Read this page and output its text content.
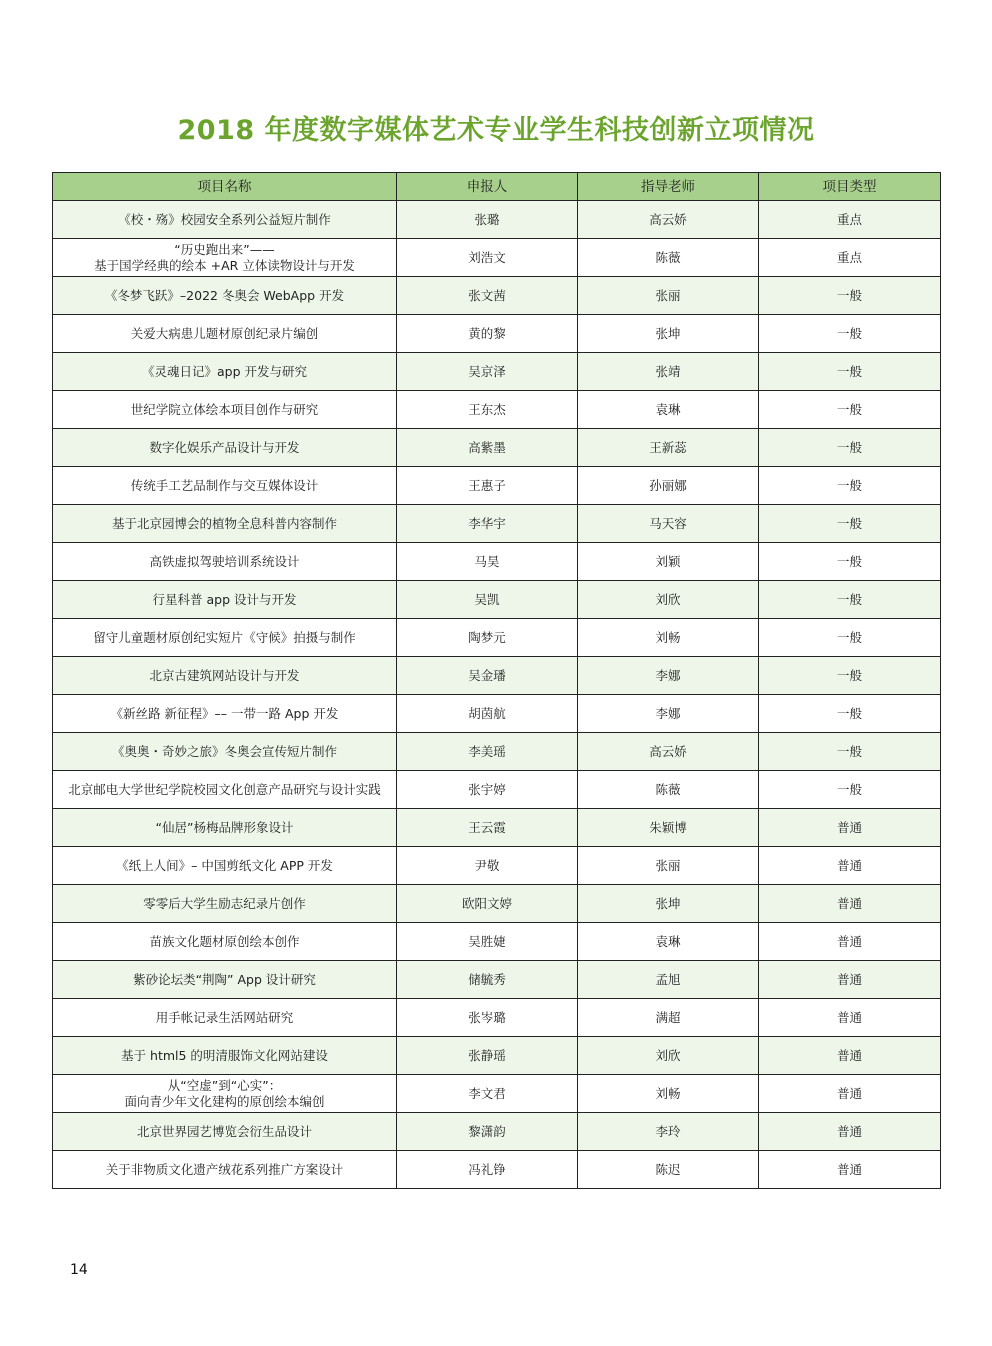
2018 年度数字媒体艺术专业学生科技创新立项情况
项目名称	申报人	指导老师	项目类型
《校・殇》校园安全系列公益短片制作	张璐	高云娇	重点
“历史跑出来”——
基于国学经典的绘本 +AR 立体读物设计与开发	刘浩文	陈薇	重点
《冬梦飞跃》–2022 冬奥会 WebApp 开发	张文茜	张丽	一般
关爱大病患儿题材原创纪录片编创	黄的黎	张坤	一般
《灵魂日记》app 开发与研究	吴京泽	张靖	一般
世纪学院立体绘本项目创作与研究	王东杰	袁琳	一般
数字化娱乐产品设计与开发	高紫墨	王新蕊	一般
传统手工艺品制作与交互媒体设计	王惠子	孙丽娜	一般
基于北京园博会的植物全息科普内容制作	李华宇	马天容	一般
高铁虚拟驾驶培训系统设计	马昊	刘颖	一般
行星科普 app 设计与开发	吴凯	刘欣	一般
留守儿童题材原创纪实短片《守候》拍摄与制作	陶梦元	刘畅	一般
北京古建筑网站设计与开发	吴金璠	李娜	一般
《新丝路 新征程》–– 一带一路 App 开发	胡茵航	李娜	一般
《奥奥・奇妙之旅》冬奥会宣传短片制作	李美瑶	高云娇	一般
北京邮电大学世纪学院校园文化创意产品研究与设计实践	张宇婷	陈薇	一般
“仙居”杨梅品牌形象设计	王云霞	朱颖博	普通
《纸上人间》– 中国剪纸文化 APP 开发	尹敬	张丽	普通
零零后大学生励志纪录片创作	欧阳文婷	张坤	普通
苗族文化题材原创绘本创作	吴胜婕	袁琳	普通
紫砂论坛类“荆陶” App 设计研究	储毓秀	孟旭	普通
用手帐记录生活网站研究	张岑璐	满超	普通
基于 html5 的明清服饰文化网站建设	张静瑶	刘欣	普通
从“空虚”到“心实”：
面向青少年文化建构的原创绘本编创	李文君	刘畅	普通
北京世界园艺博览会衍生品设计	黎潇韵	李玲	普通
关于非物质文化遗产绒花系列推广方案设计	冯礼铮	陈迟	普通
14
